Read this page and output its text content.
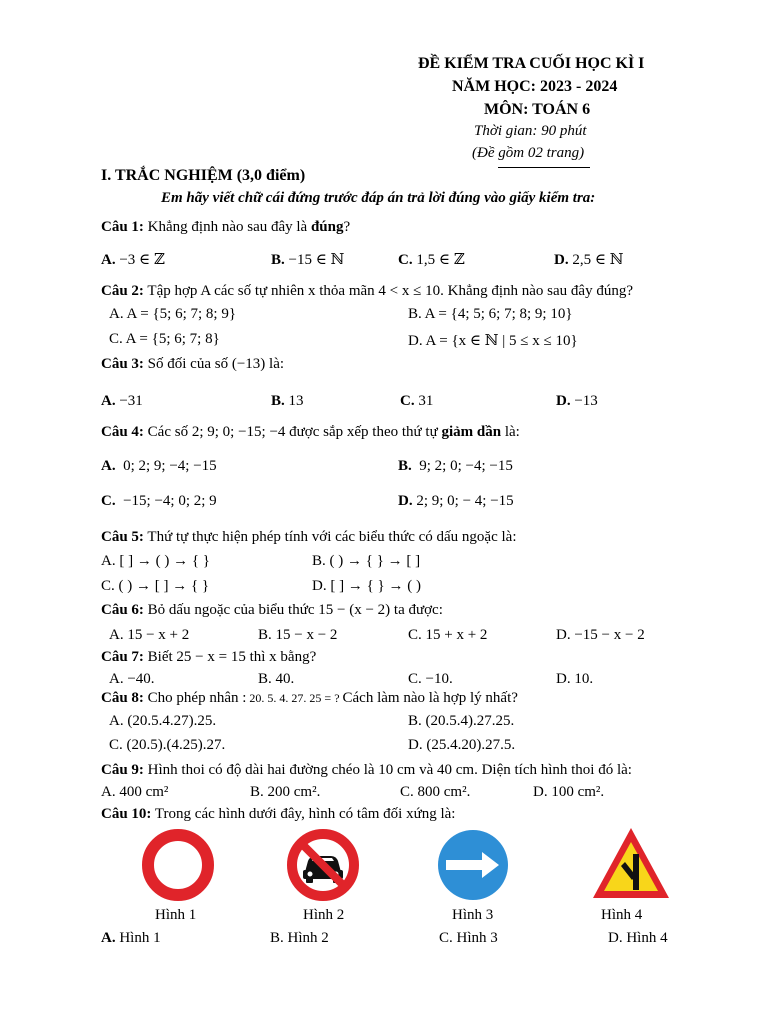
ĐỀ KIỂM TRA CUỐI HỌC KÌ I
NĂM HỌC: 2023 - 2024
MÔN: TOÁN 6
Thời gian: 90 phút
(Đề gồm 02 trang)
I. TRẮC NGHIỆM (3,0 điểm)
Em hãy viết chữ cái đứng trước đáp án trả lời đúng vào giấy kiểm tra:
Câu 1: Khẳng định nào sau đây là đúng?
A. −3 ∈ ℤ	B. −15 ∈ ℕ	C. 1,5 ∈ ℤ	D. 2,5 ∈ ℕ
Câu 2: Tập hợp A các số tự nhiên x thỏa mãn 4 < x ≤ 10. Khẳng định nào sau đây đúng?
A. A = {5; 6; 7; 8; 9}	B. A = {4; 5; 6; 7; 8; 9; 10}
C. A = {5; 6; 7; 8}	D. A = {x ∈ ℕ | 5 ≤ x ≤ 10}
Câu 3: Số đối của số (−13) là:
A. −31	B. 13	C. 31	D. −13
Câu 4: Các số 2; 9; 0; −15; −4 được sắp xếp theo thứ tự giảm dần là:
A. 0; 2; 9; −4; −15	B. 9; 2; 0; −4; −15
C. −15; −4; 0; 2; 9	D. 2; 9; 0; − 4; −15
Câu 5: Thứ tự thực hiện phép tính với các biểu thức có dấu ngoặc là:
A. [ ] → ( ) → { }	B. ( ) → { } → [ ]
C. ( ) → [ ] → { }	D. [ ] → { } → ( )
Câu 6: Bỏ dấu ngoặc của biểu thức 15 − (x − 2) ta được:
A. 15 − x + 2	B. 15 − x − 2	C. 15 + x + 2	D. −15 − x − 2
Câu 7: Biết 25 − x = 15 thì x bằng?
A. −40.	B. 40.	C. −10.	D. 10.
Câu 8: Cho phép nhân : 20. 5. 4. 27. 25 = ? Cách làm nào là hợp lý nhất?
A. (20.5.4.27).25.	B. (20.5.4).27.25.
C. (20.5).(4.25).27.	D. (25.4.20).27.5.
Câu 9: Hình thoi có độ dài hai đường chéo là 10 cm và 40 cm. Diện tích hình thoi đó là:
A. 400 cm²	B. 200 cm².	C. 800 cm².	D. 100 cm².
Câu 10: Trong các hình dưới đây, hình có tâm đối xứng là:
Hình 1	Hình 2	Hình 3	Hình 4
A. Hình 1	B. Hình 2	C. Hình 3	D. Hình 4
